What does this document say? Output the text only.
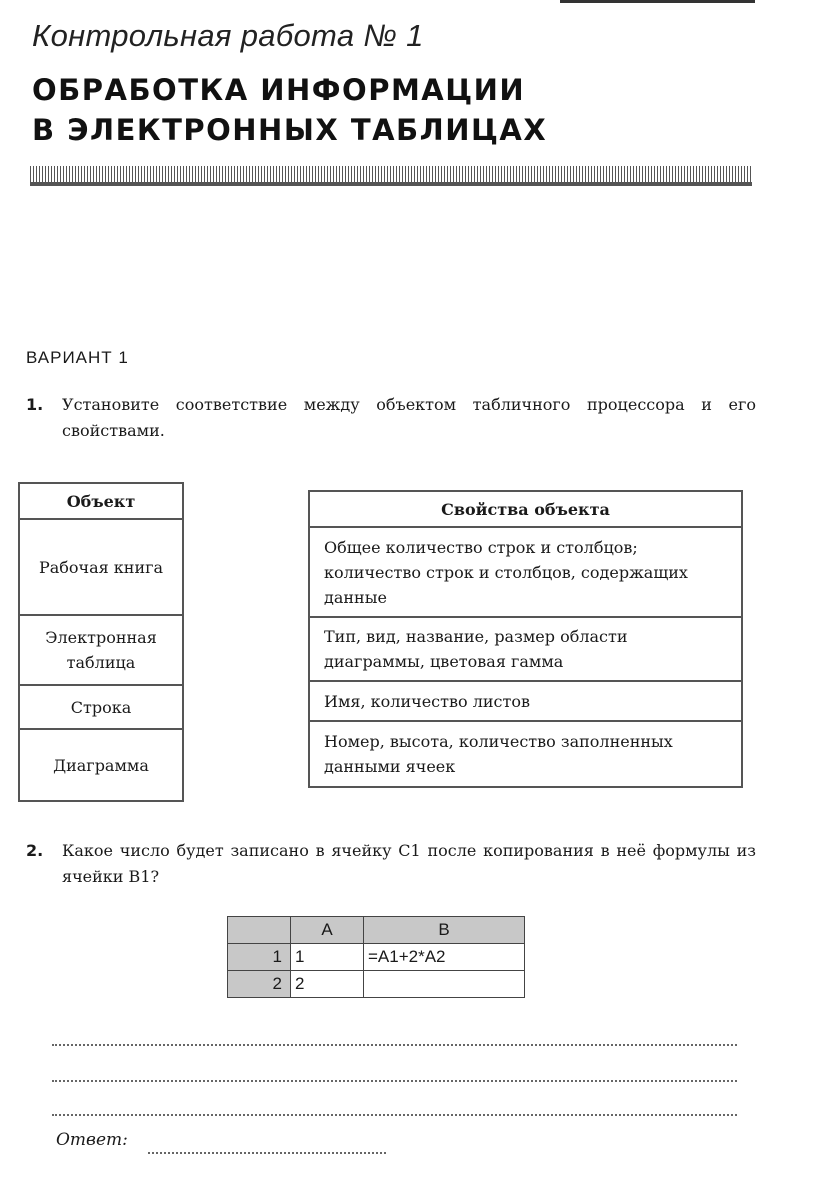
Контрольная работа № 1
ОБРАБОТКА ИНФОРМАЦИИ
В ЭЛЕКТРОННЫХ ТАБЛИЦАХ
ВАРИАНТ 1
1. Установите соответствие между объектом табличного процессора и его свойствами.
Объект
Рабочая книга
Электронная таблица
Строка
Диаграмма
Свойства объекта
Общее количество строк и столбцов; количество строк и столбцов, содержащих данные
Тип, вид, название, размер области диаграммы, цветовая гамма
Имя, количество листов
Номер, высота, количество заполненных данными ячеек
2. Какое число будет записано в ячейку C1 после копирования в неё формулы из ячейки B1?
	A	B
1	1	=A1+2*A2
2	2	
Ответ:
